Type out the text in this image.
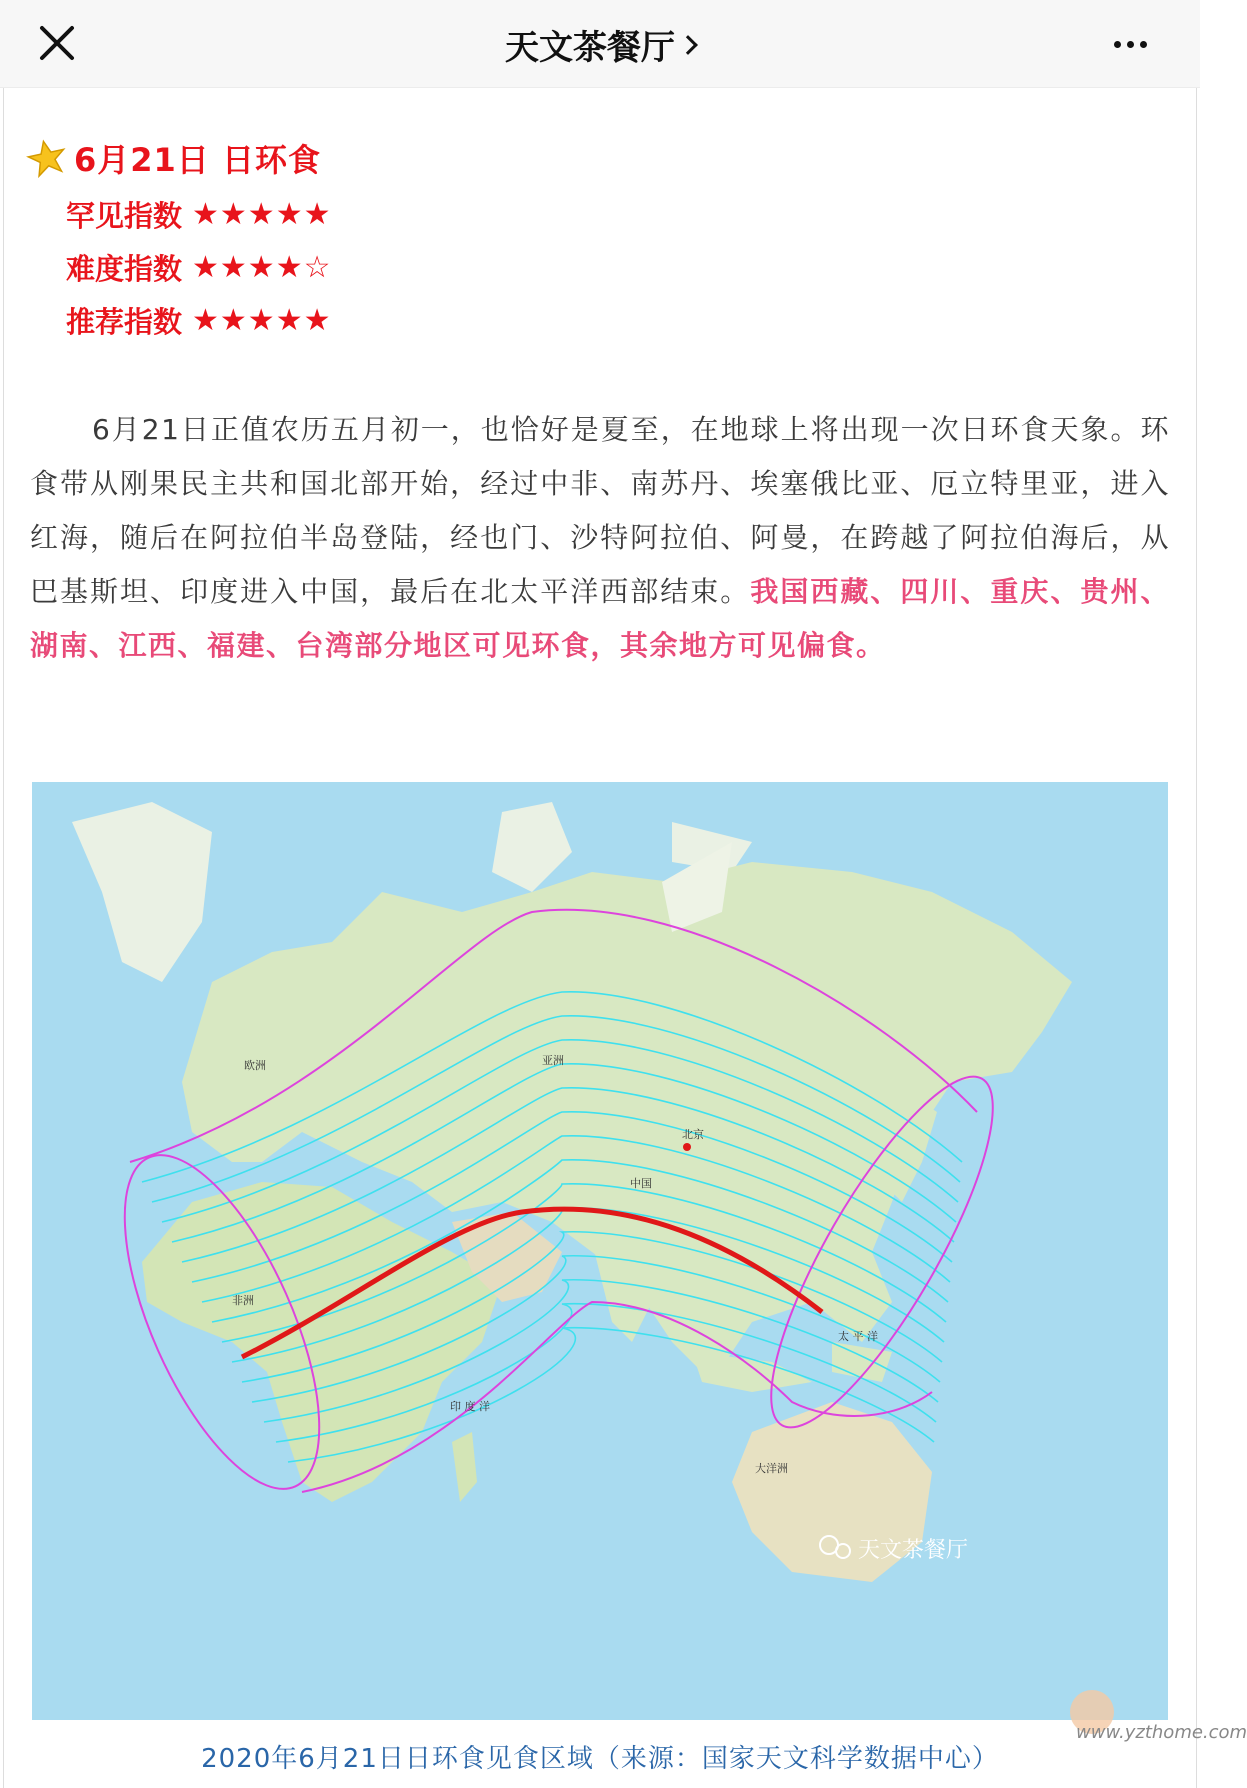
天文茶餐厅
6月21日 日环食
罕见指数 ★★★★★
难度指数 ★★★★☆
推荐指数 ★★★★★

6月21日正值农历五月初一，也恰好是夏至，在地球上将出现一次日环食天象。环食带从刚果民主共和国北部开始，经过中非、南苏丹、埃塞俄比亚、厄立特里亚，进入红海，随后在阿拉伯半岛登陆，经也门、沙特阿拉伯、阿曼，在跨越了阿拉伯海后，从巴基斯坦、印度进入中国，最后在北太平洋西部结束。我国西藏、四川、重庆、贵州、湖南、江西、福建、台湾部分地区可见环食，其余地方可见偏食。

欧洲	亚洲
北京
中国
非洲
太 平 洋
印 度 洋
大洋洲
天文茶餐厅
2020年6月21日日环食见食区域（来源：国家天文科学数据中心）
www.yzthome.com
